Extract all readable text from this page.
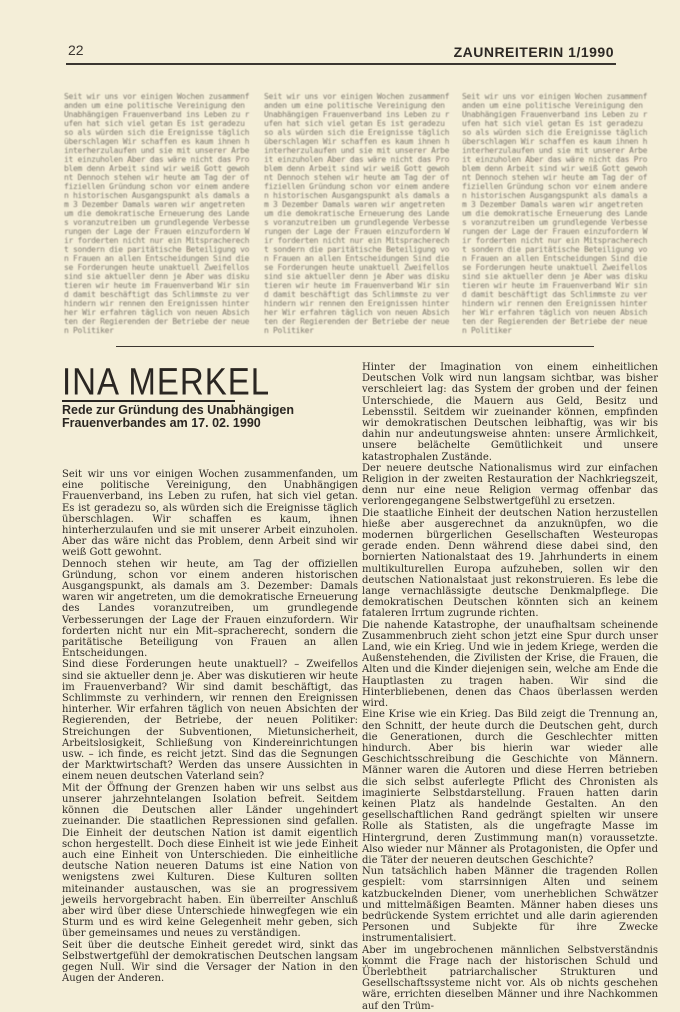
22	ZAUNREITERIN 1/1990
Seit wir uns vor einigen Wochen zusammenfanden um eine politische Vereinigung den Unabhängigen Frauenverband ins Leben zu rufen hat sich viel getan Es ist geradezu so als würden sich die Ereignisse täglich überschlagen Wir schaffen es kaum ihnen hinterherzulaufen und sie mit unserer Arbeit einzuholen Aber das wäre nicht das Problem denn Arbeit sind wir weiß Gott gewohnt Dennoch stehen wir heute am Tag der offiziellen Gründung schon vor einem anderen historischen Ausgangspunkt als damals am 3 Dezember Damals waren wir angetreten um die demokratische Erneuerung des Landes voranzutreiben um grundlegende Verbesserungen der Lage der Frauen einzufordern Wir forderten nicht nur ein Mitspracherecht sondern die paritätische Beteiligung von Frauen an allen Entscheidungen Sind diese Forderungen heute unaktuell Zweifellos sind sie aktueller denn je Aber was diskutieren wir heute im Frauenverband Wir sind damit beschäftigt das Schlimmste zu verhindern wir rennen den Ereignissen hinterher Wir erfahren täglich von neuen Absichten der Regierenden der Betriebe der neuen Politiker
Seit wir uns vor einigen Wochen zusammenfanden um eine politische Vereinigung den Unabhängigen Frauenverband ins Leben zu rufen hat sich viel getan Es ist geradezu so als würden sich die Ereignisse täglich überschlagen Wir schaffen es kaum ihnen hinterherzulaufen und sie mit unserer Arbeit einzuholen Aber das wäre nicht das Problem denn Arbeit sind wir weiß Gott gewohnt Dennoch stehen wir heute am Tag der offiziellen Gründung schon vor einem anderen historischen Ausgangspunkt als damals am 3 Dezember Damals waren wir angetreten um die demokratische Erneuerung des Landes voranzutreiben um grundlegende Verbesserungen der Lage der Frauen einzufordern Wir forderten nicht nur ein Mitspracherecht sondern die paritätische Beteiligung von Frauen an allen Entscheidungen Sind diese Forderungen heute unaktuell Zweifellos sind sie aktueller denn je Aber was diskutieren wir heute im Frauenverband Wir sind damit beschäftigt das Schlimmste zu verhindern wir rennen den Ereignissen hinterher Wir erfahren täglich von neuen Absichten der Regierenden der Betriebe der neuen Politiker
Seit wir uns vor einigen Wochen zusammenfanden um eine politische Vereinigung den Unabhängigen Frauenverband ins Leben zu rufen hat sich viel getan Es ist geradezu so als würden sich die Ereignisse täglich überschlagen Wir schaffen es kaum ihnen hinterherzulaufen und sie mit unserer Arbeit einzuholen Aber das wäre nicht das Problem denn Arbeit sind wir weiß Gott gewohnt Dennoch stehen wir heute am Tag der offiziellen Gründung schon vor einem anderen historischen Ausgangspunkt als damals am 3 Dezember Damals waren wir angetreten um die demokratische Erneuerung des Landes voranzutreiben um grundlegende Verbesserungen der Lage der Frauen einzufordern Wir forderten nicht nur ein Mitspracherecht sondern die paritätische Beteiligung von Frauen an allen Entscheidungen Sind diese Forderungen heute unaktuell Zweifellos sind sie aktueller denn je Aber was diskutieren wir heute im Frauenverband Wir sind damit beschäftigt das Schlimmste zu verhindern wir rennen den Ereignissen hinterher Wir erfahren täglich von neuen Absichten der Regierenden der Betriebe der neuen Politiker
INA MERKEL
Rede zur Gründung des Unabhängigen Frauenverbandes am 17. 02. 1990

Seit wir uns vor einigen Wochen zusammenfanden, um eine politische Vereinigung, den Unabhängigen Frauenverband, ins Leben zu rufen, hat sich viel getan. Es ist geradezu so, als würden sich die Ereignisse täglich überschlagen. Wir schaffen es kaum, ihnen hinterherzulaufen und sie mit unserer Arbeit einzuholen. Aber das wäre nicht das Problem, denn Arbeit sind wir weiß Gott gewohnt.

Dennoch stehen wir heute, am Tag der offiziellen Gründung, schon vor einem anderen historischen Ausgangspunkt, als damals am 3. Dezember: Damals waren wir angetreten, um die demokratische Erneuerung des Landes voranzutreiben, um grundlegende Verbesserungen der Lage der Frauen einzufordern. Wir forderten nicht nur ein Mit–spracherecht, sondern die paritätische Beteiligung von Frauen an allen Entscheidungen.

Sind diese Forderungen heute unaktuell? – Zweifellos sind sie aktueller denn je. Aber was diskutieren wir heute im Frauenverband? Wir sind damit beschäftigt, das Schlimmste zu verhindern, wir rennen den Ereignissen hinterher. Wir erfahren täglich von neuen Absichten der Regierenden, der Betriebe, der neuen Politiker: Streichungen der Subventionen, Mietunsicherheit, Arbeitslosigkeit, Schließung von Kindereinrichtungen usw. – ich finde, es reicht jetzt. Sind das die Segnungen der Marktwirtschaft? Werden das unsere Aussichten in einem neuen deutschen Vaterland sein?

Mit der Öffnung der Grenzen haben wir uns selbst aus unserer jahrzehntelangen Isolation befreit. Seitdem können die Deutschen aller Länder ungehindert zueinander. Die staatlichen Repressionen sind gefallen. Die Einheit der deutschen Nation ist damit eigentlich schon hergestellt. Doch diese Einheit ist wie jede Einheit auch eine Einheit von Unterschieden. Die einheitliche deutsche Nation neueren Datums ist eine Nation von wenigstens zwei Kulturen. Diese Kulturen sollten miteinander austauschen, was sie an progressivem jeweils hervorgebracht haben. Ein überreilter Anschluß aber wird über diese Unterschiede hinwegfegen wie ein Sturm und es wird keine Gelegenheit mehr geben, sich über gemeinsames und neues zu verständigen.

Seit über die deutsche Einheit geredet wird, sinkt das Selbstwertgefühl der demokratischen Deutschen langsam gegen Null. Wir sind die Versager der Nation in den Augen der Anderen.

Hinter der Imagination von einem einheitlichen Deutschen Volk wird nun langsam sichtbar, was bisher verschleiert lag: das System der groben und der feinen Unterschiede, die Mauern aus Geld, Besitz und Lebensstil. Seitdem wir zueinander können, empfinden wir demokratischen Deutschen leibhaftig, was wir bis dahin nur andeutungsweise ahnten: unsere Ärmlichkeit, unsere belächelte Gemütlichkeit und unsere katastrophalen Zustände.

Der neuere deutsche Nationalismus wird zur einfachen Religion in der zweiten Restauration der Nachkriegszeit, denn nur eine neue Religion vermag offenbar das verlorengegangene Selbstwertgefühl zu ersetzen.

Die staatliche Einheit der deutschen Nation herzustellen hieße aber ausgerechnet da anzuknüpfen, wo die modernen bürgerlichen Gesellschaften Westeuropas gerade enden. Denn während diese dabei sind, den bornierten Nationalstaat des 19. Jahrhunderts in einem multikulturellen Europa aufzuheben, sollen wir den deutschen Nationalstaat just rekonstruieren. Es lebe die lange vernachlässigte deutsche Denkmalpflege. Die demokratischen Deutschen könnten sich an keinem fataleren Irrtum zugrunde richten.

Die nahende Katastrophe, der unaufhaltsam scheinende Zusammenbruch zieht schon jetzt eine Spur durch unser Land, wie ein Krieg. Und wie in jedem Kriege, werden die Außenstehenden, die Zivilisten der Krise, die Frauen, die Alten und die Kinder diejenigen sein, welche am Ende die Hauptlasten zu tragen haben. Wir sind die Hinterbliebenen, denen das Chaos überlassen werden wird.

Eine Krise wie ein Krieg. Das Bild zeigt die Trennung an, den Schnitt, der heute durch die Deutschen geht, durch die Generationen, durch die Geschlechter mitten hindurch. Aber bis hierin war wieder alle Geschichtsschreibung die Geschichte von Männern. Männer waren die Autoren und diese Herren betrieben die sich selbst auferlegte Pflicht des Chronisten als imaginierte Selbstdarstellung. Frauen hatten darin keinen Platz als handelnde Gestalten. An den gesellschaftlichen Rand gedrängt spielten wir unsere Rolle als Statisten, als die ungefragte Masse im Hintergrund, deren Zustimmung man(n) voraussetzte. Also wieder nur Männer als Protagonisten, die Opfer und die Täter der neueren deutschen Geschichte?

Nun tatsächlich haben Männer die tragenden Rollen gespielt: vom starrsinnigen Alten und seinem katzbuckelnden Diener, vom unerheblichen Schwätzer und mittelmäßigen Beamten. Männer haben dieses uns bedrückende System errichtet und alle darin agierenden Personen und Subjekte für ihre Zwecke instrumentalisiert.

Aber im ungebrochenen männlichen Selbstverständnis kommt die Frage nach der historischen Schuld und Überlebtheit patriarchalischer Strukturen und Gesellschaftssysteme nicht vor. Als ob nichts geschehen wäre, errichten dieselben Männer und ihre Nachkommen auf den Trüm-
